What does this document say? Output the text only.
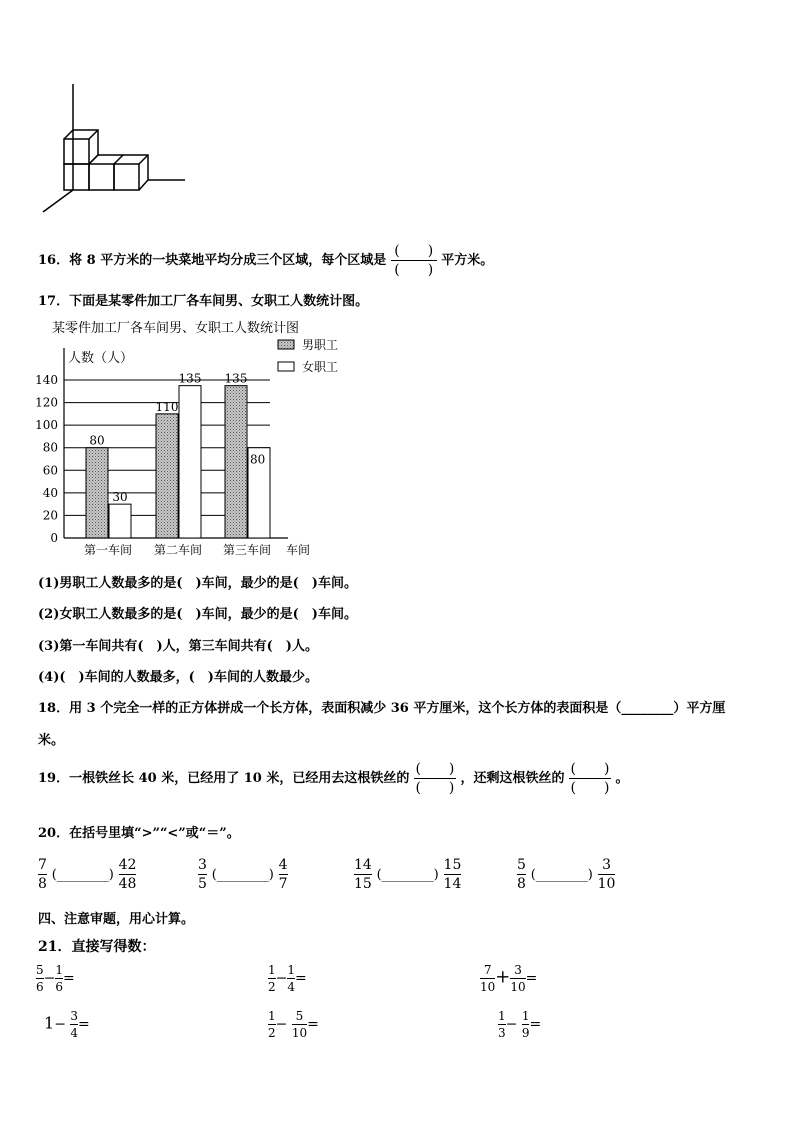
16．将 8 平方米的一块菜地平均分成三个区域，每个区域是 $\frac{( )}{( )}$ 平方米。
17．下面是某零件加工厂各车间男、女职工人数统计图。
某零件加工厂各车间男、女职工人数统计图
人数（人）
80
30
110
135 135
80
0
20
40
60
80
100
120
140
第一车间 第二车间 第三车间
男职工
女职工
车间
(1)男职工人数最多的是(　)车间，最少的是(　)车间。
(2)女职工人数最多的是(　)车间，最少的是(　)车间。
(3)第一车间共有(　)人，第三车间共有(　)人。
(4)(　)车间的人数最多，(　)车间的人数最少。
18．用 3 个完全一样的正方体拼成一个长方体，表面积减少 36 平方厘米，这个长方体的表面积是（________）平方厘
米。
19．一根铁丝长 40 米，已经用了 10 米，已经用去这根铁丝的 $\frac{( )}{( )}$ ，还剩这根铁丝的 $\frac{( )}{( )}$ 。
20．在括号里填“>”“<”或“＝”。
$\frac{7}{8}$ (________) $\frac{42}{48}$	$\frac{3}{5}$ (________) $\frac{4}{7}$	$\frac{14}{15}$ (________) $\frac{15}{14}$	$\frac{5}{8}$ (________) $\frac{3}{10}$
四、注意审题，用心计算。
21．直接写得数：
$\frac{5}{6} - \frac{1}{6}$ =	$\frac{1}{2} - \frac{1}{4}$ =	$\frac{7}{10} + \frac{3}{10}$ =
$1- \frac{3}{4}$ =	$\frac{1}{2} - \frac{5}{10}$ =	$\frac{1}{3} - \frac{1}{9}$ =
